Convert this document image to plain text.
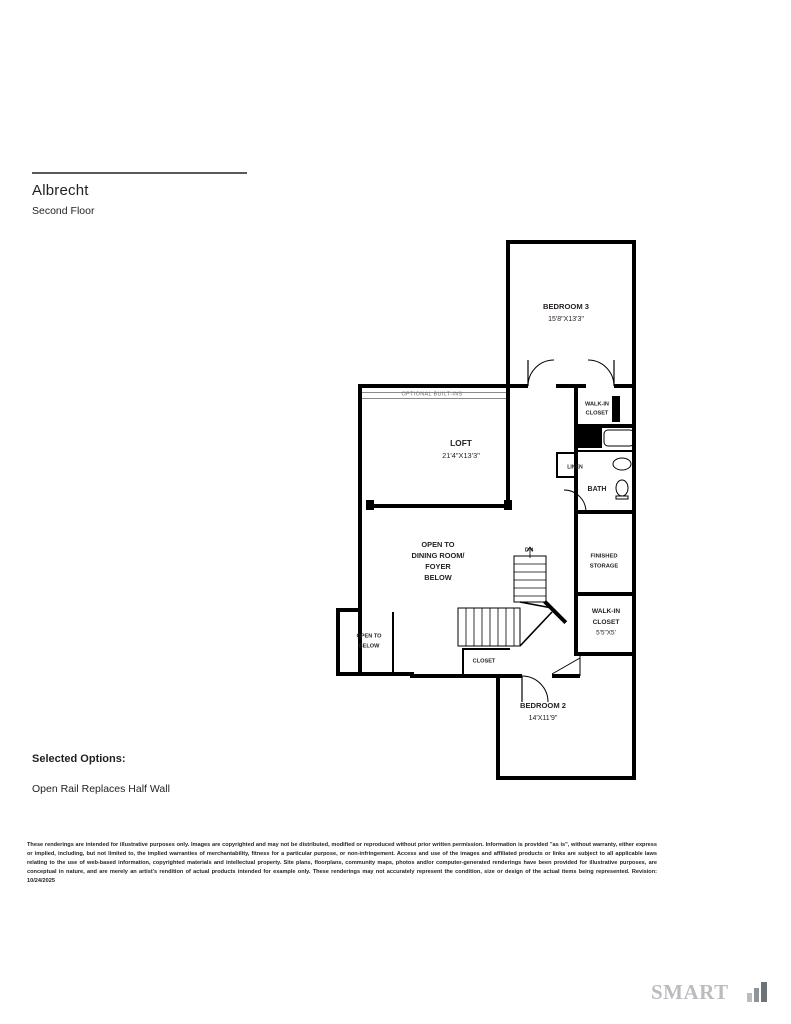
Albrecht
Second Floor
BEDROOM 3
15'8"X13'3"
LOFT
21'4"X13'3"
WALK-IN
CLOSET
LINEN
BATH
FINISHED
STORAGE
WALK-IN
CLOSET
5'5"X5'
BEDROOM 2
14'X11'9"
CLOSET
OPEN TO
BELOW
OPTIONAL BUILT-INS
OPEN TO
DINING ROOM/
FOYER
BELOW
DN
Selected Options:
Open Rail Replaces Half Wall
These renderings are intended for illustrative purposes only. Images are copyrighted and may not be distributed, modified or reproduced without prior written permission. Information is provided "as is", without warranty, either express or implied, including, but not limited to, the implied warranties of merchantability, fitness for a particular purpose, or non-infringement. Access and use of the images and affiliated products or links are subject to all applicable laws relating to the use of web-based information, copyrighted materials and intellectual property. Site plans, floorplans, community maps, photos and/or computer-generated renderings have been provided for illustrative purposes, are conceptual in nature, and are merely an artist's rendition of actual products intended for example only. These renderings may not accurately represent the condition, size or design of the actual items being represented. Revision: 10/24/2025
SMART
